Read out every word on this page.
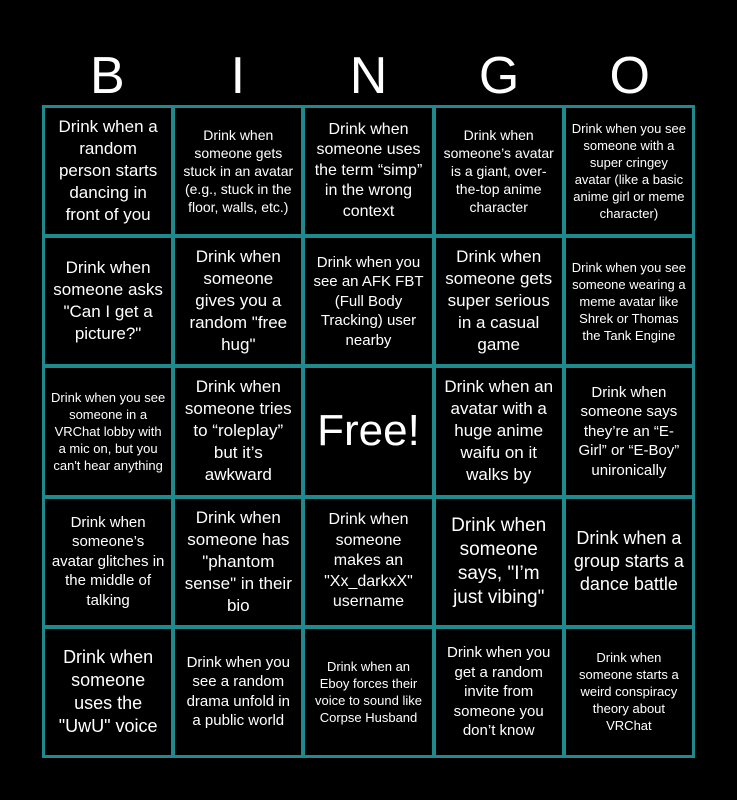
B	I	N	G	O
Drink when a random person starts dancing in front of you
Drink when someone gets stuck in an avatar (e.g., stuck in the floor, walls, etc.)
Drink when someone uses the term “simp” in the wrong context
Drink when someone’s avatar is a giant, over-the-top anime character
Drink when you see someone with a super cringey avatar (like a basic anime girl or meme character)
Drink when someone asks "Can I get a picture?"
Drink when someone gives you a random "free hug"
Drink when you see an AFK FBT (Full Body Tracking) user nearby
Drink when someone gets super serious in a casual game
Drink when you see someone wearing a meme avatar like Shrek or Thomas the Tank Engine
Drink when you see someone in a VRChat lobby with a mic on, but you can't hear anything
Drink when someone tries to “roleplay” but it’s awkward
Free!
Drink when an avatar with a huge anime waifu on it walks by
Drink when someone says they’re an “E-Girl” or “E-Boy” unironically
Drink when someone’s avatar glitches in the middle of talking
Drink when someone has "phantom sense" in their bio
Drink when someone makes an "Xx_darkxX" username
Drink when someone says, "I’m just vibing"
Drink when a group starts a dance battle
Drink when someone uses the "UwU" voice
Drink when you see a random drama unfold in a public world
Drink when an Eboy forces their voice to sound like Corpse Husband
Drink when you get a random invite from someone you don’t know
Drink when someone starts a weird conspiracy theory about VRChat
